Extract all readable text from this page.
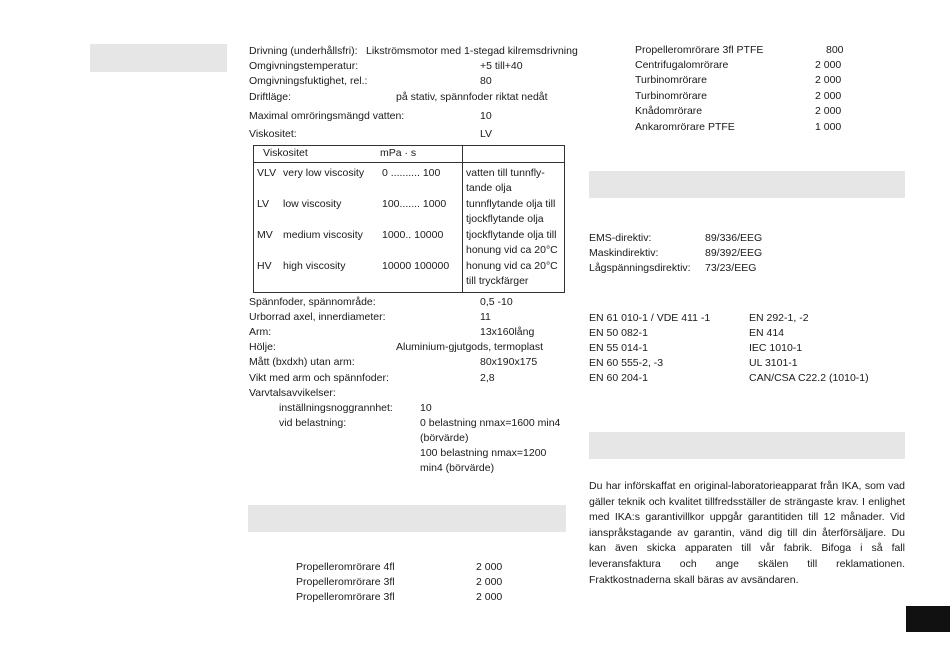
Drivning (underhållsfri): Likströmsmotor med 1-stegad kilremsdrivning
Omgivningstemperatur:	+5 till+40
Omgivningsfuktighet, rel.:	80
Driftläge:	på stativ, spännfoder riktat nedåt
Maximal omröringsmängd vatten:	10
Viskositet:	LV
Viskositet	mPa · s	
VLV very low viscosity	0 .......... 100	vatten till tunnfly-tande olja
LV low viscosity	100....... 1000	tunnflytande olja till tjockflytande olja
MV medium viscosity	1000.. 10000	tjockflytande olja till honung vid ca 20°C
HV high viscosity	10000 100000	honung vid ca 20°C till tryckfärger
Spännfoder, spännområde:	0,5 -10
Urborrad axel, innerdiameter:	11
Arm:	13x160lång
Hölje:	Aluminium-gjutgods, termoplast
Mått (bxdxh) utan arm:	80x190x175
Vikt med arm och spännfoder:	2,8
Varvtalsavvikelser:
inställningsnoggrannhet:	10
vid belastning:	0 belastning nmax=1600 min4
(börvärde)
100 belastning nmax=1200
min4 (börvärde)
Propelleromrörare 4fl	2 000
Propelleromrörare 3fl	2 000
Propelleromrörare 3fl	2 000
Propelleromrörare 3fl PTFE	800
Centrifugalomrörare	2 000
Turbinomrörare	2 000
Turbinomrörare	2 000
Knådomrörare	2 000
Ankaromrörare PTFE	1 000
EMS-direktiv:	89/336/EEG
Maskindirektiv:	89/392/EEG
Lågspänningsdirektiv: 73/23/EEG
EN 61 010-1 / VDE 411 -1	EN 292-1, -2
EN 50 082-1	EN 414
EN 55 014-1	IEC 1010-1
EN 60 555-2, -3	UL 3101-1
EN 60 204-1	CAN/CSA C22.2 (1010-1)
Du har införskaffat en original-laboratorieapparat från IKA, som vad gäller teknik och kvalitet tillfredsställer de strängaste krav. I enlighet med IKA:s garantivillkor uppgår garantitiden till 12 månader. Vid ianspråkstagande av garantin, vänd dig till din återförsäljare. Du kan även skicka apparaten till vår fabrik. Bifoga i så fall leveransfaktura och ange skälen till reklamationen. Fraktkostnaderna skall bäras av avsändaren.
